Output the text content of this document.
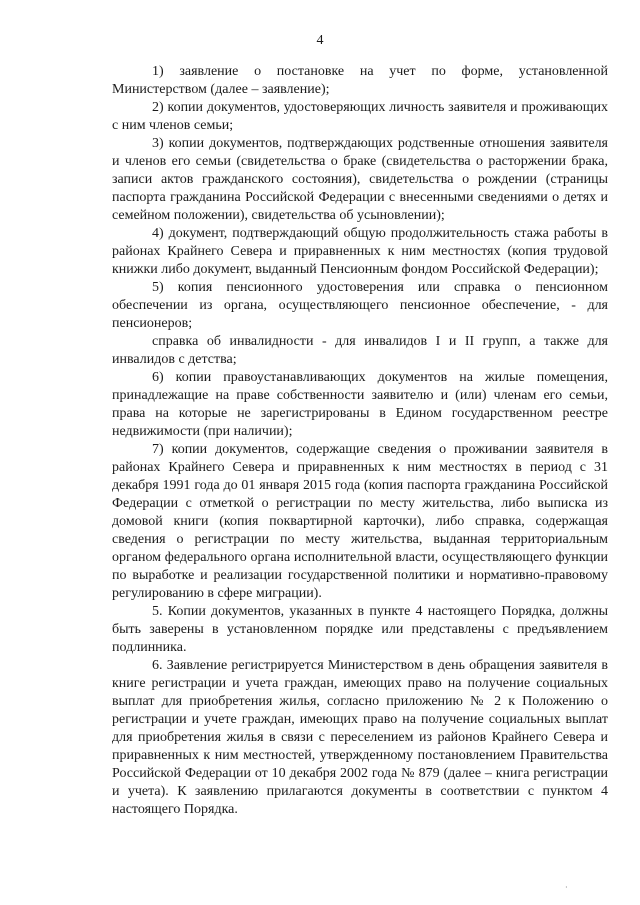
4

1) заявление о постановке на учет по форме, установленной Министерством (далее – заявление);

2) копии документов, удостоверяющих личность заявителя и проживающих с ним членов семьи;

3) копии документов, подтверждающих родственные отношения заявителя и членов его семьи (свидетельства о браке (свидетельства о расторжении брака, записи актов гражданского состояния), свидетельства о рождении (страницы паспорта гражданина Российской Федерации с внесенными сведениями о детях и семейном положении), свидетельства об усыновлении);

4) документ, подтверждающий общую продолжительность стажа работы в районах Крайнего Севера и приравненных к ним местностях (копия трудовой книжки либо документ, выданный Пенсионным фондом Российской Федерации);

5) копия пенсионного удостоверения или справка о пенсионном обеспечении из органа, осуществляющего пенсионное обеспечение, - для пенсионеров;

справка об инвалидности - для инвалидов I и II групп, а также для инвалидов с детства;

6) копии правоустанавливающих документов на жилые помещения, принадлежащие на праве собственности заявителю и (или) членам его семьи, права на которые не зарегистрированы в Едином государственном реестре недвижимости (при наличии);

7) копии документов, содержащие сведения о проживании заявителя в районах Крайнего Севера и приравненных к ним местностях в период с 31 декабря 1991 года до 01 января 2015 года (копия паспорта гражданина Российской Федерации с отметкой о регистрации по месту жительства, либо выписка из домовой книги (копия поквартирной карточки), либо справка, содержащая сведения о регистрации по месту жительства, выданная территориальным органом федерального органа исполнительной власти, осуществляющего функции по выработке и реализации государственной политики и нормативно-правовому регулированию в сфере миграции).

5. Копии документов, указанных в пункте 4 настоящего Порядка, должны быть заверены в установленном порядке или представлены с предъявлением подлинника.

6. Заявление регистрируется Министерством в день обращения заявителя в книге регистрации и учета граждан, имеющих право на получение социальных выплат для приобретения жилья, согласно приложению № 2 к Положению о регистрации и учете граждан, имеющих право на получение социальных выплат для приобретения жилья в связи с переселением из районов Крайнего Севера и приравненных к ним местностей, утвержденному постановлением Правительства Российской Федерации от 10 декабря 2002 года № 879 (далее – книга регистрации и учета). К заявлению прилагаются документы в соответствии с пунктом 4 настоящего Порядка.

·
